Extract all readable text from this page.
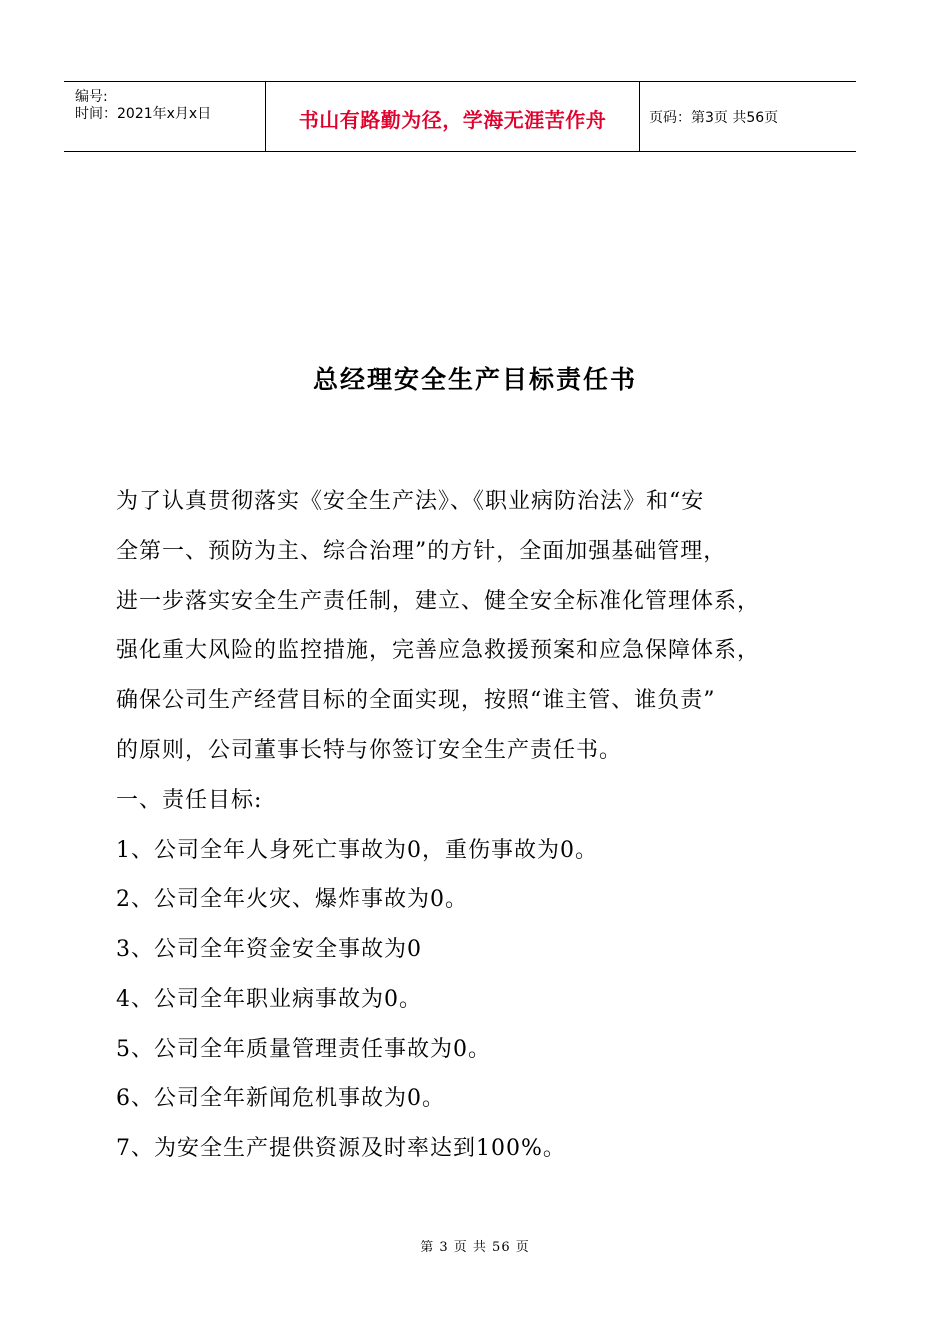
编号:
时间：2021年x月x日	书山有路勤为径，学海无涯苦作舟	页码：第3页 共56页
总经理安全生产目标责任书
为了认真贯彻落实《安全生产法》、《职业病防治法》和“安
全第一、预防为主、综合治理”的方针，全面加强基础管理，
进一步落实安全生产责任制，建立、健全安全标准化管理体系，
强化重大风险的监控措施，完善应急救援预案和应急保障体系，
确保公司生产经营目标的全面实现，按照“谁主管、谁负责”
的原则，公司董事长特与你签订安全生产责任书。
一、责任目标:
1、公司全年人身死亡事故为0，重伤事故为0。
2、公司全年火灾、爆炸事故为0。
3、公司全年资金安全事故为0
4、公司全年职业病事故为0。
5、公司全年质量管理责任事故为0。
6、公司全年新闻危机事故为0。
7、为安全生产提供资源及时率达到100%。
第 3 页 共 56 页
